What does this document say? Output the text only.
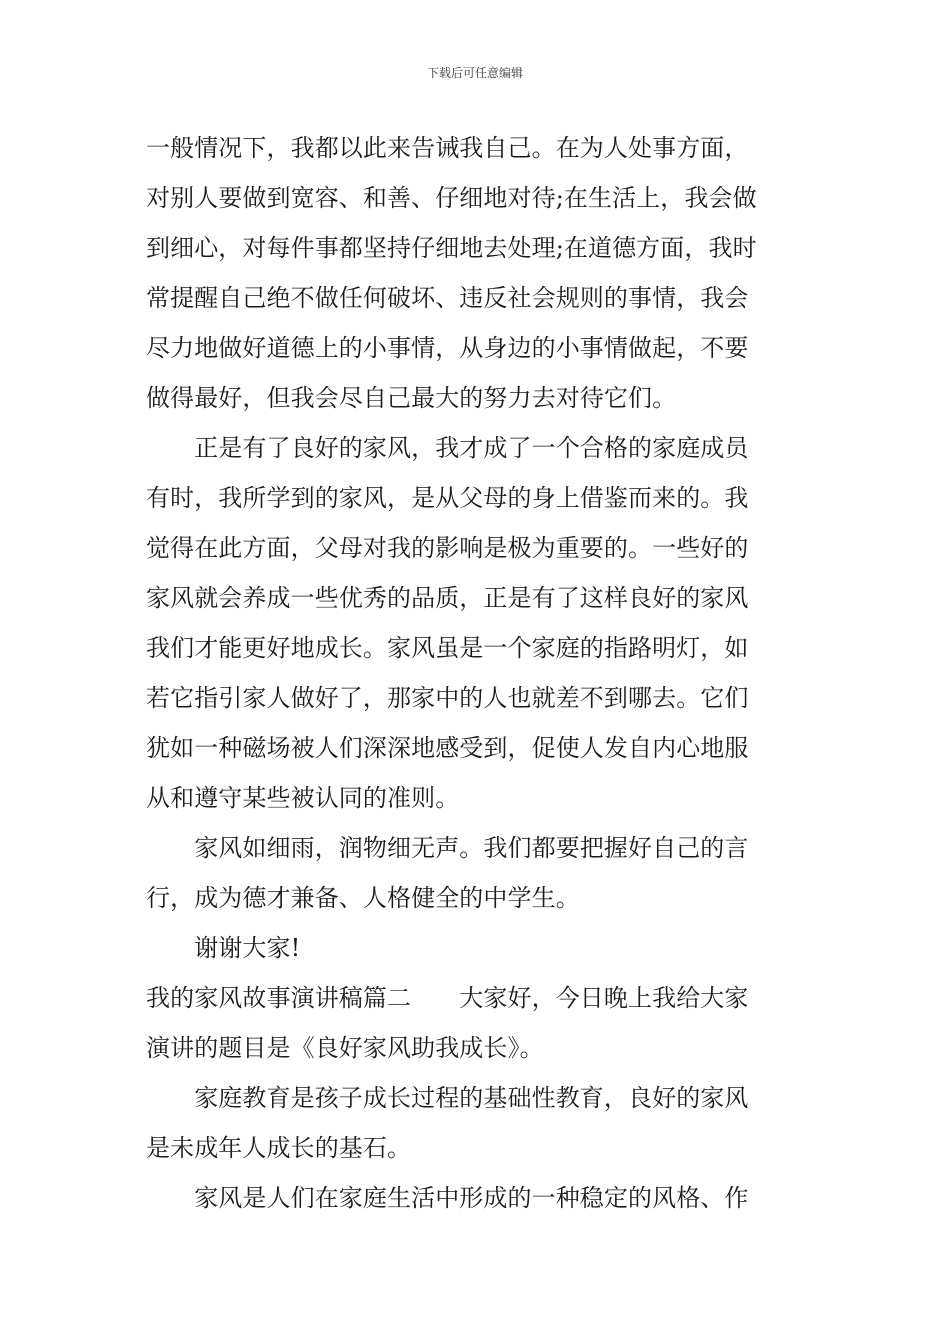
下载后可任意编辑
一般情况下，我都以此来告诫我自己。在为人处事方面，
对别人要做到宽容、和善、仔细地对待;在生活上，我会做
到细心，对每件事都坚持仔细地去处理;在道德方面，我时
常提醒自己绝不做任何破坏、违反社会规则的事情，我会
尽力地做好道德上的小事情，从身边的小事情做起，不要
做得最好，但我会尽自己最大的努力去对待它们。
　　正是有了良好的家风，我才成了一个合格的家庭成员
有时，我所学到的家风，是从父母的身上借鉴而来的。我
觉得在此方面，父母对我的影响是极为重要的。一些好的
家风就会养成一些优秀的品质，正是有了这样良好的家风
我们才能更好地成长。家风虽是一个家庭的指路明灯，如
若它指引家人做好了，那家中的人也就差不到哪去。它们
犹如一种磁场被人们深深地感受到，促使人发自内心地服
从和遵守某些被认同的准则。
　　家风如细雨，润物细无声。我们都要把握好自己的言
行，成为德才兼备、人格健全的中学生。
　　谢谢大家!
我的家风故事演讲稿篇二　　大家好，今日晚上我给大家
演讲的题目是《良好家风助我成长》。
　　家庭教育是孩子成长过程的基础性教育，良好的家风
是未成年人成长的基石。
　　家风是人们在家庭生活中形成的一种稳定的风格、作
